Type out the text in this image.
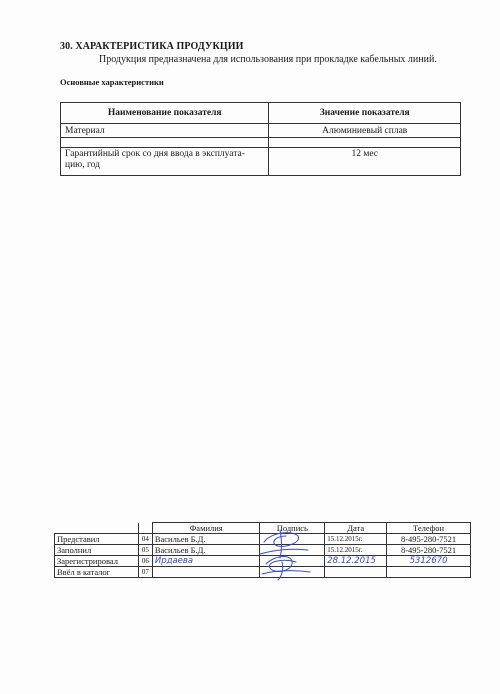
30. ХАРАКТЕРИСТИКА ПРОДУКЦИИ
Продукция предназначена для использования при прокладке кабельных линий.
Основные характеристики
Наименование показателя	Значение показателя
Материал	Алюминиевый сплав

Гарантийный срок со дня ввода в эксплуата-
цию, год	12 мес
		Фамилия	Подпись	Дата	Телефон
Представил	04	Васильев Б.Д.		15.12.2015г.	8-495-280-7521
Заполнил	05	Васильев Б.Д.		15.12.2015г.	8-495-280-7521
Зарегистрировал	06	Ирдаева		28.12.2015	5312670
Ввёл в каталог	07				
